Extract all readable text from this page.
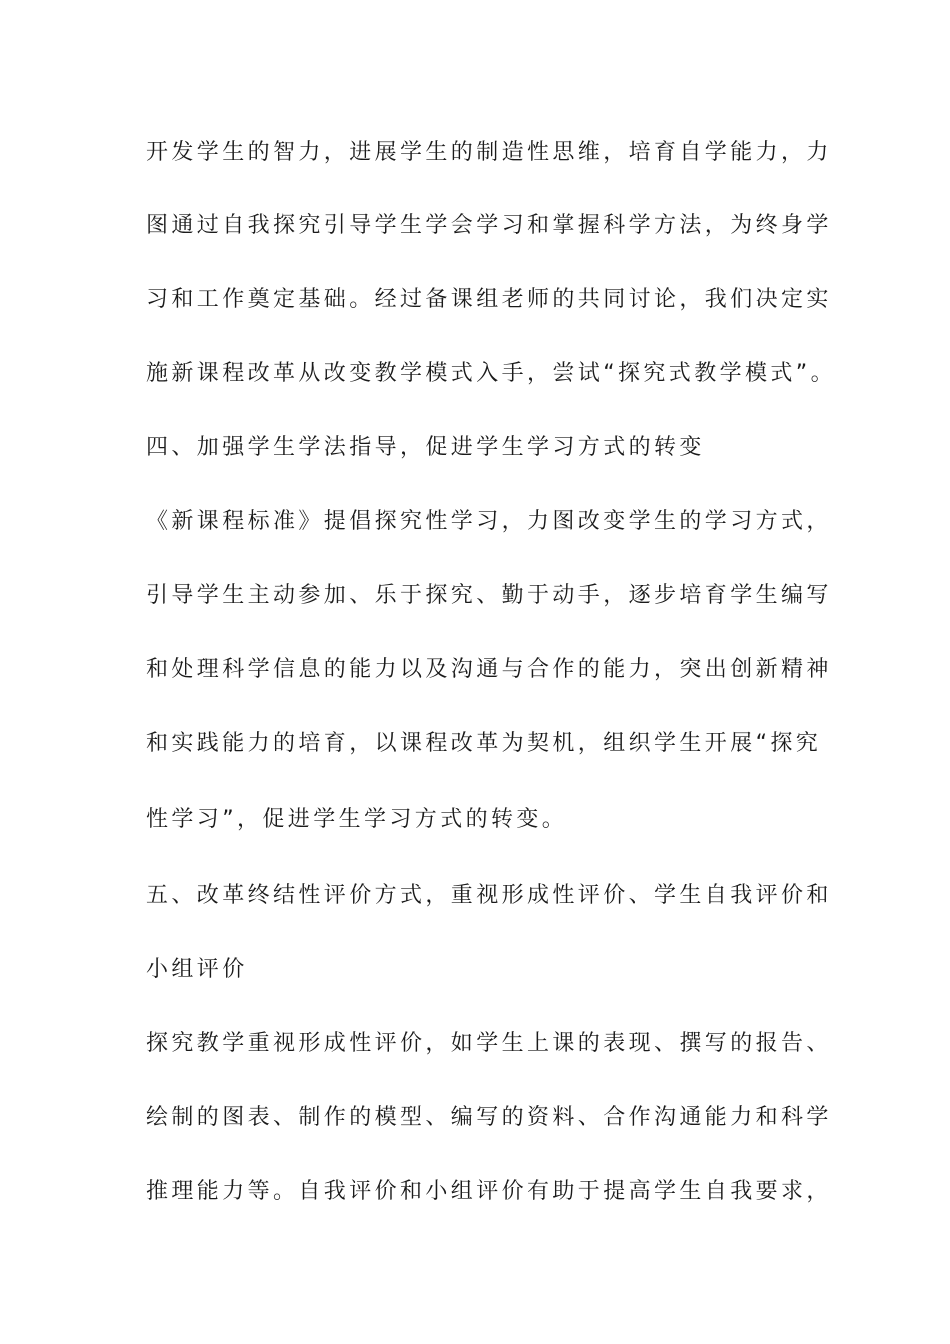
开发学生的智力，进展学生的制造性思维，培育自学能力，力
图通过自我探究引导学生学会学习和掌握科学方法，为终身学
习和工作奠定基础。经过备课组老师的共同讨论，我们决定实
施新课程改革从改变教学模式入手，尝试“探究式教学模式”。
四、加强学生学法指导，促进学生学习方式的转变
《新课程标准》提倡探究性学习，力图改变学生的学习方式，
引导学生主动参加、乐于探究、勤于动手，逐步培育学生编写
和处理科学信息的能力以及沟通与合作的能力，突出创新精神
和实践能力的培育，以课程改革为契机，组织学生开展“探究
性学习”，促进学生学习方式的转变。
五、改革终结性评价方式，重视形成性评价、学生自我评价和
小组评价
探究教学重视形成性评价，如学生上课的表现、撰写的报告、
绘制的图表、制作的模型、编写的资料、合作沟通能力和科学
推理能力等。自我评价和小组评价有助于提高学生自我要求，
